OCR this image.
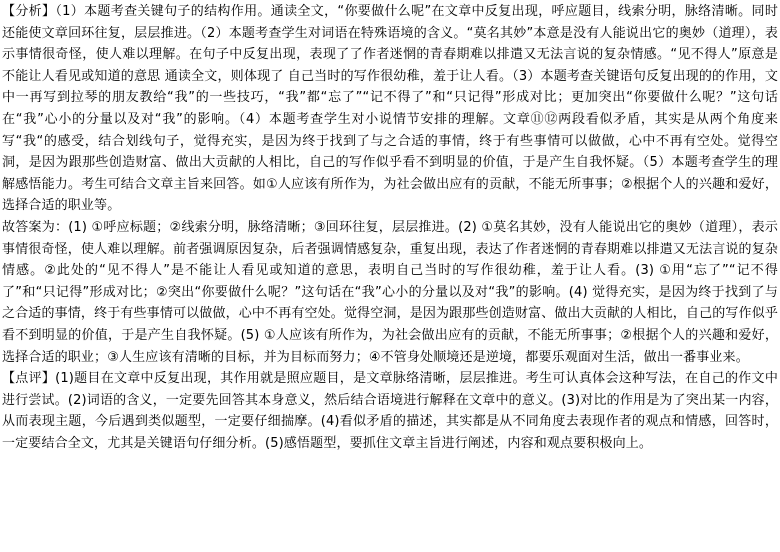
【分析】（1）本题考查关键句子的结构作用。通读全文，“你要做什么呢”在文章中反复出现，呼应题目，线索分明，脉络清晰。同时还能使文章回环往复，层层推进。（2）本题考查学生对词语在特殊语境的含义。“莫名其妙”本意是没有人能说出它的奥妙（道理），表示事情很奇怪，使人难以理解。在句子中反复出现，表现了了作者迷惘的青春期难以排遣又无法言说的复杂情感。“见不得人”原意是不能让人看见或知道的意思 通读全文，则体现了 自己当时的写作很幼稚，羞于让人看。（3）本题考查关键语句反复出现的的作用，文中一再写到拉琴的朋友教给“我”的一些技巧，“我”都“忘了”“记不得了”和“只记得”形成对比；更加突出“你要做什么呢？”这句话在“我”心小的分量以及对“我”的影响。（4）本题考查学生对小说情节安排的理解。文章⑪⑫两段看似矛盾，其实是从两个角度来写“我“的感受，结合划线句子，觉得充实，是因为终于找到了与之合适的事情，终于有些事情可以做做，心中不再有空处。觉得空洞，是因为跟那些创造财富、做出大贡献的人相比，自己的写作似乎看不到明显的价值，于是产生自我怀疑。（5）本题考查学生的理解感悟能力。考生可结合文章主旨来回答。如①人应该有所作为，为社会做出应有的贡献，不能无所事事；②根据个人的兴趣和爱好，选择合适的职业等。

故答案为：(1) ①呼应标题；②线索分明，脉络清晰；③回环往复，层层推进。(2) ①莫名其妙，没有人能说出它的奥妙（道理），表示事情很奇怪，使人难以理解。前者强调原因复杂，后者强调情感复杂，重复出现，表达了作者迷惘的青春期难以排遣又无法言说的复杂情感。②此处的“见不得人”是不能让人看见或知道的意思，表明自己当时的写作很幼稚，羞于让人看。(3) ①用“忘了”“记不得了”和“只记得”形成对比；②突出“你要做什么呢？”这句话在“我”心小的分量以及对“我”的影响。(4) 觉得充实，是因为终于找到了与之合适的事情，终于有些事情可以做做，心中不再有空处。觉得空洞，是因为跟那些创造财富、做出大贡献的人相比，自己的写作似乎看不到明显的价值，于是产生自我怀疑。(5) ①人应该有所作为，为社会做出应有的贡献，不能无所事事；②根据个人的兴趣和爱好，选择合适的职业；③人生应该有清晰的目标，并为目标而努力；④不管身处顺境还是逆境，都要乐观面对生活，做出一番事业来。

【点评】(1)题目在文章中反复出现，其作用就是照应题目，是文章脉络清晰，层层推进。考生可认真体会这种写法，在自己的作文中进行尝试。(2)词语的含义，一定要先回答其本身意义，然后结合语境进行解释在文章中的意义。(3)对比的作用是为了突出某一内容，从而表现主题，今后遇到类似题型，一定要仔细揣摩。(4)看似矛盾的描述，其实都是从不同角度去表现作者的观点和情感，回答时，一定要结合全文，尤其是关键语句仔细分析。(5)感悟题型，要抓住文章主旨进行阐述，内容和观点要积极向上。
